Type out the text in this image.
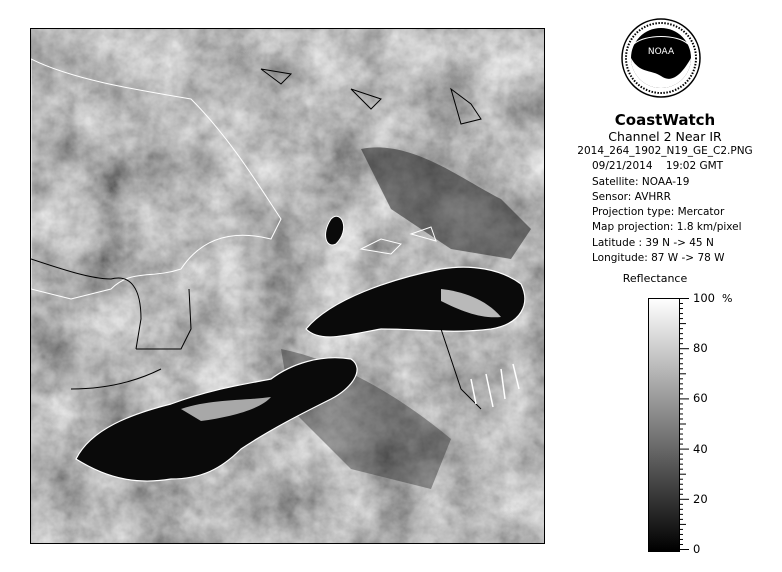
NOAA
CoastWatch
Channel 2 Near IR
2014_264_1902_N19_GE_C2.PNG
09/21/2014 19:02 GMT
Satellite: NOAA-19
Sensor: AVHRR
Projection type: Mercator
Map projection: 1.8 km/pixel
Latitude : 39 N -> 45 N
Longitude: 87 W -> 78 W
Reflectance
100
80
60
40
20
0
%
